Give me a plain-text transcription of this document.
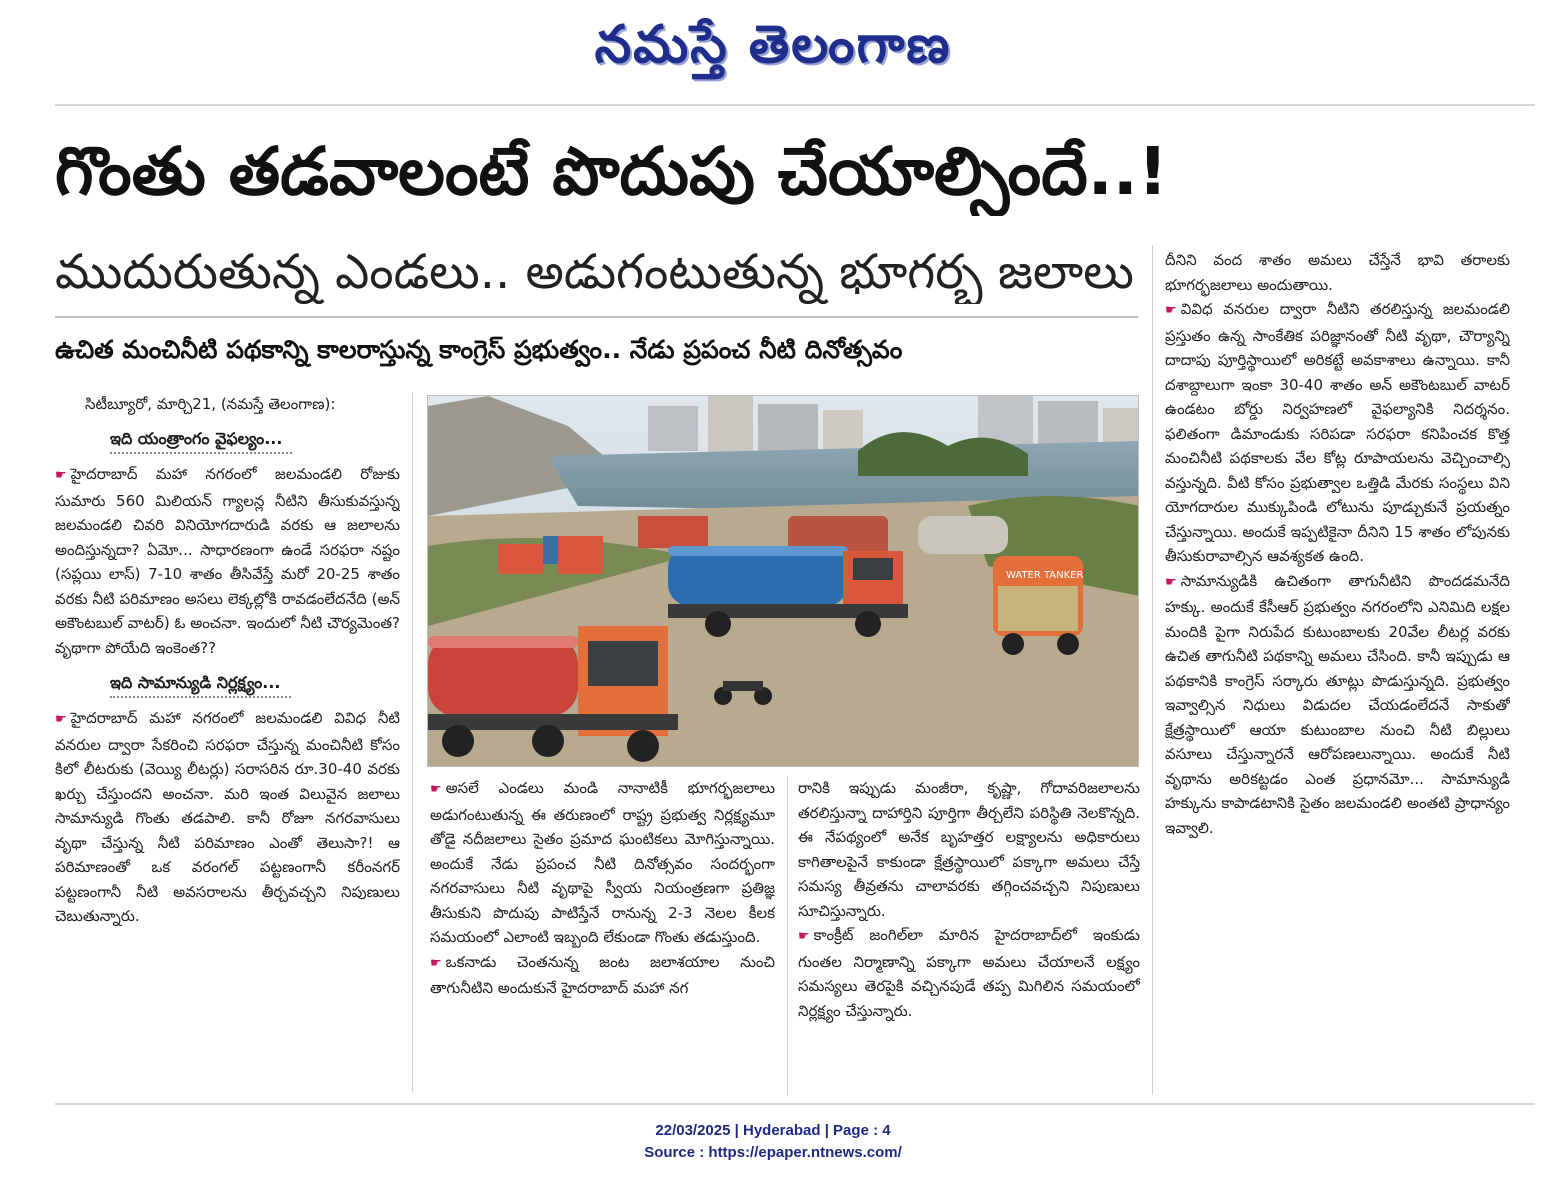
నమస్తే తెలంగాణ
గొంతు తడవాలంటే పొదుపు చేయాల్సిందే..!
ముదురుతున్న ఎండలు.. అడుగంటుతున్న భూగర్భ జలాలు
ఉచిత మంచినీటి పథకాన్ని కాలరాస్తున్న కాంగ్రెస్ ప్రభుత్వం.. నేడు ప్రపంచ నీటి దినోత్సవం
సిటీబ్యూరో, మార్చి21, (నమస్తే తెలంగాణ):
ఇది యంత్రాంగం వైఫల్యం...

☛ హైదరాబాద్ మహా నగరంలో జలమండలి రోజుకు సుమారు 560 మిలియన్ గ్యాలన్ల నీటిని తీసుకువస్తున్న జలమండలి చివరి వినియోగదారుడి వరకు ఆ జలాలను అందిస్తున్నదా? ఏమో... సాధారణంగా ఉండే సరఫరా నష్టం (సప్లయి లాస్) 7-10 శాతం తీసివేస్తే మరో 20-25 శాతం వరకు నీటి పరిమాణం అసలు లెక్కల్లోకి రావడంలేదనేది (అన్ అకౌంటబుల్ వాటర్) ఓ అంచనా. ఇందులో నీటి చౌర్యమెంత? వృథాగా పోయేది ఇంకెంత??

ఇది సామాన్యుడి నిర్లక్ష్యం...

☛ హైదరాబాద్ మహా నగరంలో జలమండలి వివిధ నీటి వనరుల ద్వారా సేకరించి సరఫరా చేస్తున్న మంచినీటి కోసం కిలో లీటరుకు (వెయ్యి లీటర్లు) సరాసరిన రూ.30-40 వరకు ఖర్చు చేస్తుందని అంచనా. మరి ఇంత విలువైన జలాలు సామాన్యుడి గొంతు తడపాలి. కానీ రోజూ నగరవాసులు వృథా చేస్తున్న నీటి పరిమాణం ఎంతో తెలుసా?! ఆ పరిమాణంతో ఒక వరంగల్ పట్టణంగానీ కరీంనగర్ పట్టణంగానీ నీటి అవసరాలను తీర్చవచ్చని నిపుణులు చెబుతున్నారు.

WATER TANKER

☛ అసలే ఎండలు మండి నానాటికీ భూగర్భజలాలు అడుగంటుతున్న ఈ తరుణంలో రాష్ట్ర ప్రభుత్వ నిర్లక్ష్యమూ తోడై నదీజలాలు సైతం ప్రమాద ఘంటికలు మోగిస్తున్నాయి. అందుకే నేడు ప్రపంచ నీటి దినోత్సవం సందర్భంగా నగరవాసులు నీటి వృథాపై స్వీయ నియంత్రణగా ప్రతిజ్ఞ తీసుకుని పొదుపు పాటిస్తేనే రానున్న 2-3 నెలల కీలక సమయంలో ఎలాంటి ఇబ్బంది లేకుండా గొంతు తడుస్తుంది.

☛ ఒకనాడు చెంతనున్న జంట జలాశయాల నుంచి తాగునీటిని అందుకునే హైదరాబాద్ మహా నగ

రానికి ఇప్పుడు మంజీరా, కృష్ణా, గోదావరిజలాలను తరలిస్తున్నా దాహార్తిని పూర్తిగా తీర్చలేని పరిస్థితి నెలకొన్నది. ఈ నేపథ్యంలో అనేక బృహత్తర లక్ష్యాలను అధికారులు కాగితాలపైనే కాకుండా క్షేత్రస్థాయిలో పక్కాగా అమలు చేస్తే సమస్య తీవ్రతను చాలావరకు తగ్గించవచ్చని నిపుణులు సూచిస్తున్నారు.

☛ కాంక్రీట్ జంగిల్‌లా మారిన హైదరాబాద్‌లో ఇంకుడు గుంతల నిర్మాణాన్ని పక్కాగా అమలు చేయాలనే లక్ష్యం సమస్యలు తెరపైకి వచ్చినపుడే తప్ప మిగిలిన సమయంలో నిర్లక్ష్యం చేస్తున్నారు.

దీనిని వంద శాతం అమలు చేస్తేనే భావి తరాలకు భూగర్భజలాలు అందుతాయి.

☛ వివిధ వనరుల ద్వారా నీటిని తరలిస్తున్న జలమండలి ప్రస్తుతం ఉన్న సాంకేతిక పరిజ్ఞానంతో నీటి వృథా, చౌర్యాన్ని దాదాపు పూర్తిస్థాయిలో అరికట్టే అవకాశాలు ఉన్నాయి. కానీ దశాబ్దాలుగా ఇంకా 30-40 శాతం అన్ అకౌంటబుల్ వాటర్ ఉండటం బోర్డు నిర్వహణలో వైఫల్యానికి నిదర్శనం. ఫలితంగా డిమాండుకు సరిపడా సరఫరా కనిపించక కొత్త మంచినీటి పథకాలకు వేల కోట్ల రూపాయలను వెచ్చించాల్సి వస్తున్నది. వీటి కోసం ప్రభుత్వాల ఒత్తిడి మేరకు సంస్థలు విని యోగదారుల ముక్కుపిండి లోటును పూడ్చుకునే ప్రయత్నం చేస్తున్నాయి. అందుకే ఇప్పటికైనా దీనిని 15 శాతం లోపునకు తీసుకురావాల్సిన ఆవశ్యకత ఉంది.

☛ సామాన్యుడికి ఉచితంగా తాగునీటిని పొందడమనేది హక్కు. అందుకే కేసీఆర్ ప్రభుత్వం నగరంలోని ఎనిమిది లక్షల మందికి పైగా నిరుపేద కుటుంబాలకు 20వేల లీటర్ల వరకు ఉచిత తాగునీటి పథకాన్ని అమలు చేసింది. కానీ ఇప్పుడు ఆ పథకానికి కాంగ్రెస్ సర్కారు తూట్లు పొడుస్తున్నది. ప్రభుత్వం ఇవ్వాల్సిన నిధులు విడుదల చేయడంలేదనే సాకుతో క్షేత్రస్థాయిలో ఆయా కుటుంబాల నుంచి నీటి బిల్లులు వసూలు చేస్తున్నారనే ఆరోపణలున్నాయి. అందుకే నీటి వృథాను అరికట్టడం ఎంత ప్రధానమో... సామాన్యుడి హక్కును కాపాడటానికి సైతం జలమండలి అంతటి ప్రాధాన్యం ఇవ్వాలి.

22/03/2025 | Hyderabad | Page : 4
Source : https://epaper.ntnews.com/
